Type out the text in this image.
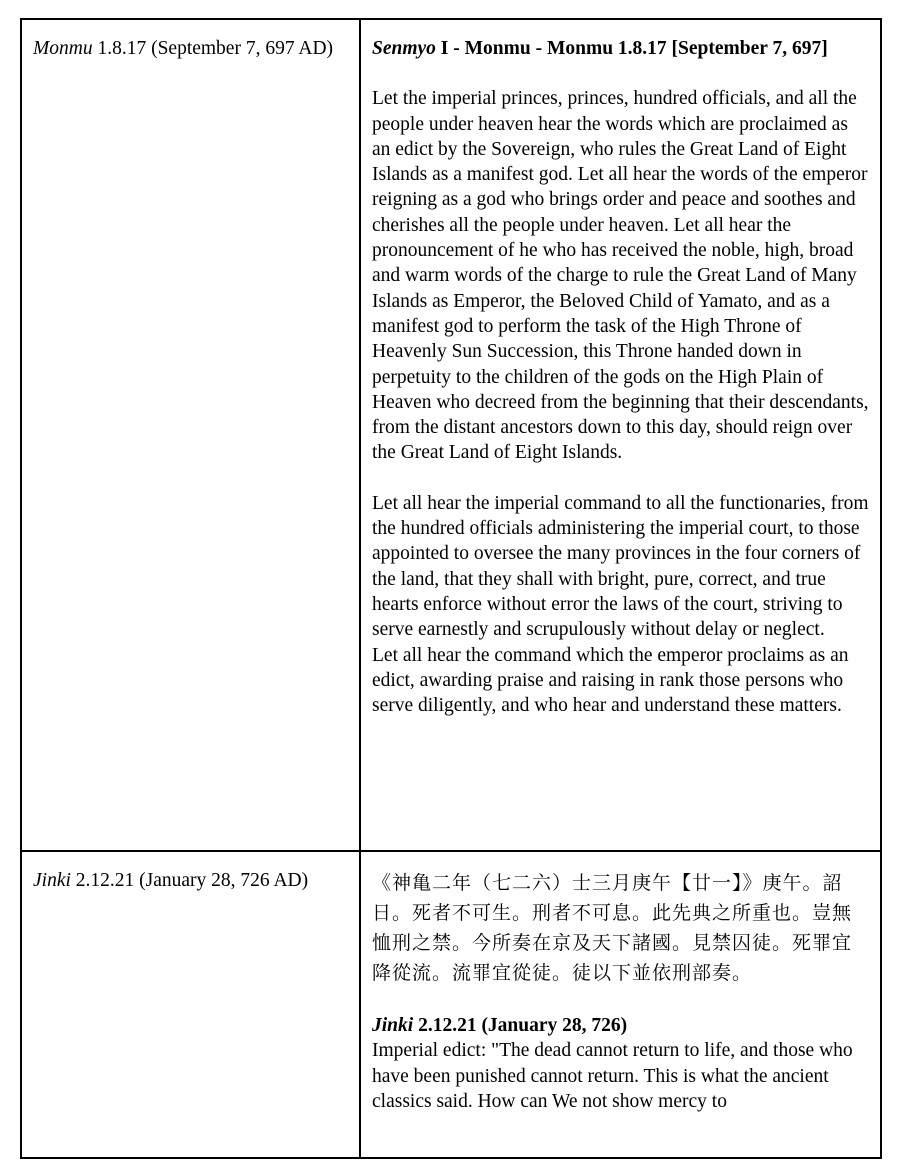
Monmu 1.8.17 (September 7, 697 AD)	Senmyo I - Monmu - Monmu 1.8.17 [September 7, 697]

Let the imperial princes, princes, hundred officials, and all the people under heaven hear the words which are proclaimed as an edict by the Sovereign, who rules the Great Land of Eight Islands as a manifest god. Let all hear the words of the emperor reigning as a god who brings order and peace and soothes and cherishes all the people under heaven. Let all hear the pronouncement of he who has received the noble, high, broad and warm words of the charge to rule the Great Land of Many Islands as Emperor, the Beloved Child of Yamato, and as a manifest god to perform the task of the High Throne of Heavenly Sun Succession, this Throne handed down in perpetuity to the children of the gods on the High Plain of Heaven who decreed from the beginning that their descendants, from the distant ancestors down to this day, should reign over the Great Land of Eight Islands.

Let all hear the imperial command to all the functionaries, from the hundred officials administering the imperial court, to those appointed to oversee the many provinces in the four corners of the land, that they shall with bright, pure, correct, and true hearts enforce without error the laws of the court, striving to serve earnestly and scrupulously without delay or neglect.

Let all hear the command which the emperor proclaims as an edict, awarding praise and raising in rank those persons who serve diligently, and who hear and understand these matters.

Jinki 2.12.21 (January 28, 726 AD)	《神亀二年（七二六）士三月庚午【廿一】》庚午。詔日。死者不可生。刑者不可息。此先典之所重也。豈無恤刑之禁。今所奏在京及天下諸國。見禁囚徒。死罪宜降從流。流罪宜從徒。徒以下並依刑部奏。

Jinki 2.12.21 (January 28, 726)

Imperial edict: "The dead cannot return to life, and those who have been punished cannot return. This is what the ancient classics said. How can We not show mercy to
